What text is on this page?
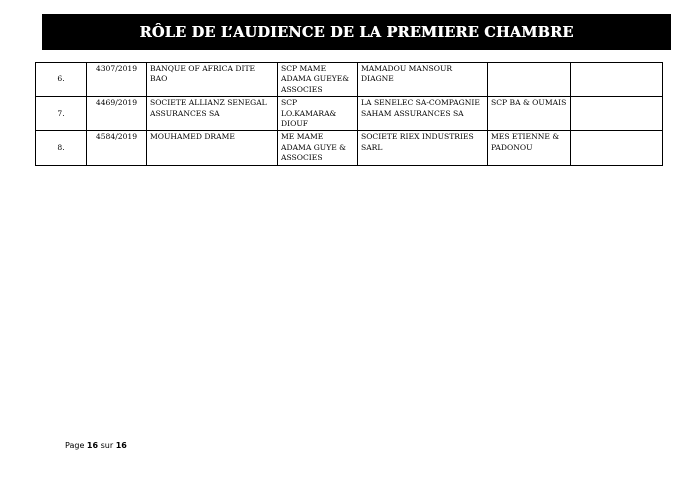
RÔLE DE L’AUDIENCE DE LA PREMIERE CHAMBRE
6.	4307/2019	BANQUE OF AFRICA DITE BAO	SCP MAME ADAMA GUEYE& ASSOCIES	MAMADOU MANSOUR DIAGNE		
7.	4469/2019	SOCIETE ALLIANZ SENEGAL ASSURANCES SA	SCP LO.KAMARA& DIOUF	LA SENELEC SA-COMPAGNIE SAHAM ASSURANCES SA	SCP BA & OUMAIS	
8.	4584/2019	MOUHAMED DRAME	ME MAME ADAMA GUYE & ASSOCIES	SOCIETE RIEX INDUSTRIES SARL	MES ETIENNE & PADONOU	
Page 16 sur 16
